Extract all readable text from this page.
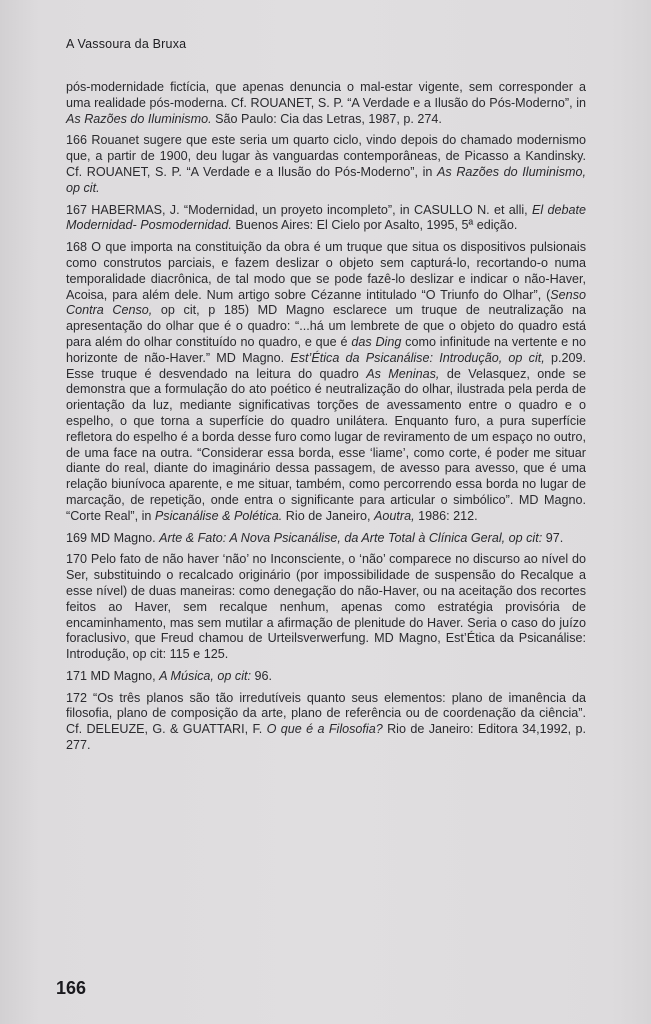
A Vassoura da Bruxa

pós-modernidade fictícia, que apenas denuncia o mal-estar vigente, sem corresponder a uma realidade pós-moderna. Cf. ROUANET, S. P. “A Verdade e a Ilusão do Pós-Moderno”, in As Razões do Iluminismo. São Paulo: Cia das Letras, 1987, p. 274.

166 Rouanet sugere que este seria um quarto ciclo, vindo depois do chamado modernismo que, a partir de 1900, deu lugar às vanguardas contemporâneas, de Picasso a Kandinsky. Cf. ROUANET, S. P. “A Verdade e a Ilusão do Pós-Moderno”, in As Razões do Iluminismo, op cit.

167 HABERMAS, J. “Modernidad, un proyeto incompleto”, in CASULLO N. et alli, El debate Modernidad- Posmodernidad. Buenos Aires: El Cielo por Asalto, 1995, 5ª edição.

168 O que importa na constituição da obra é um truque que situa os dispositivos pulsionais como construtos parciais, e fazem deslizar o objeto sem capturá-lo, recortando-o numa temporalidade diacrônica, de tal modo que se pode fazê-lo deslizar e indicar o não-Haver, Acoisa, para além dele. Num artigo sobre Cézanne intitulado “O Triunfo do Olhar”, (Senso Contra Censo, op cit, p 185) MD Magno esclarece um truque de neutralização na apresentação do olhar que é o quadro: “...há um lembrete de que o objeto do quadro está para além do olhar constituído no quadro, e que é das Ding como infinitude na vertente e no horizonte de não-Haver.” MD Magno. Est’Ética da Psicanálise: Introdução, op cit, p.209. Esse truque é desvendado na leitura do quadro As Meninas, de Velasquez, onde se demonstra que a formulação do ato poético é neutralização do olhar, ilustrada pela perda de orientação da luz, mediante significativas torções de avessamento entre o quadro e o espelho, o que torna a superfície do quadro unilátera. Enquanto furo, a pura superfície refletora do espelho é a borda desse furo como lugar de reviramento de um espaço no outro, de uma face na outra. “Considerar essa borda, esse ‘liame’, como corte, é poder me situar diante do real, diante do imaginário dessa passagem, de avesso para avesso, que é uma relação biunívoca aparente, e me situar, também, como percorrendo essa borda no lugar de marcação, de repetição, onde entra o significante para articular o simbólico”. MD Magno. “Corte Real”, in Psicanálise & Polética. Rio de Janeiro, Aoutra, 1986: 212.

169 MD Magno. Arte & Fato: A Nova Psicanálise, da Arte Total à Clínica Geral, op cit: 97.

170 Pelo fato de não haver ‘não’ no Inconsciente, o ‘não’ comparece no discurso ao nível do Ser, substituindo o recalcado originário (por impossibilidade de suspensão do Recalque a esse nível) de duas maneiras: como denegação do não-Haver, ou na aceitação dos recortes feitos ao Haver, sem recalque nenhum, apenas como estratégia provisória de encaminhamento, mas sem mutilar a afirmação de plenitude do Haver. Seria o caso do juízo foraclusivo, que Freud chamou de Urteilsverwerfung. MD Magno, Est’Ética da Psicanálise: Introdução, op cit: 115 e 125.

171 MD Magno, A Música, op cit: 96.

172 “Os três planos são tão irredutíveis quanto seus elementos: plano de imanência da filosofia, plano de composição da arte, plano de referência ou de coordenação da ciência”. Cf. DELEUZE, G. & GUATTARI, F. O que é a Filosofia? Rio de Janeiro: Editora 34,1992, p. 277.

166
